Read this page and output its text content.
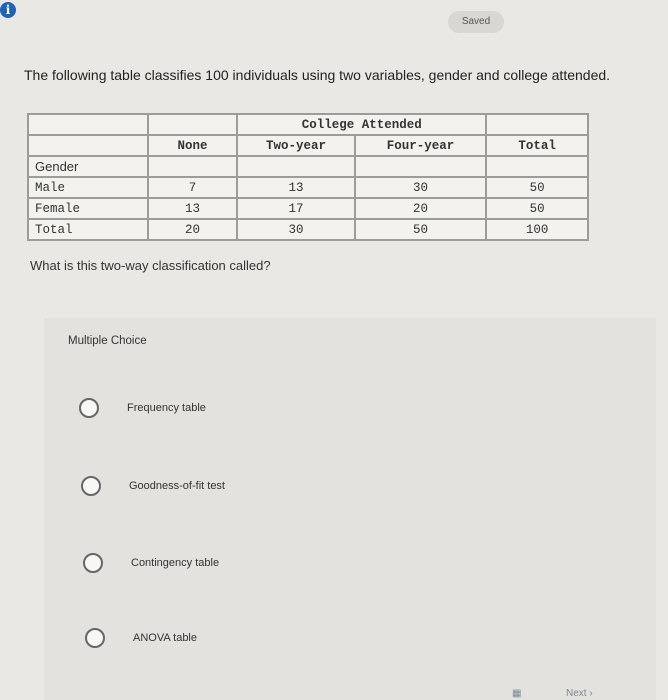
i
Saved
The following table classifies 100 individuals using two variables, gender and college attended.
		College Attended		
	None	Two-year	Four-year	Total
Gender				
Male	7	13	30	50
Female	13	17	20	50
Total	20	30	50	100
What is this two-way classification called?
Multiple Choice
Frequency table
Goodness-of-fit test
Contingency table
ANOVA table
▦	Next ›
